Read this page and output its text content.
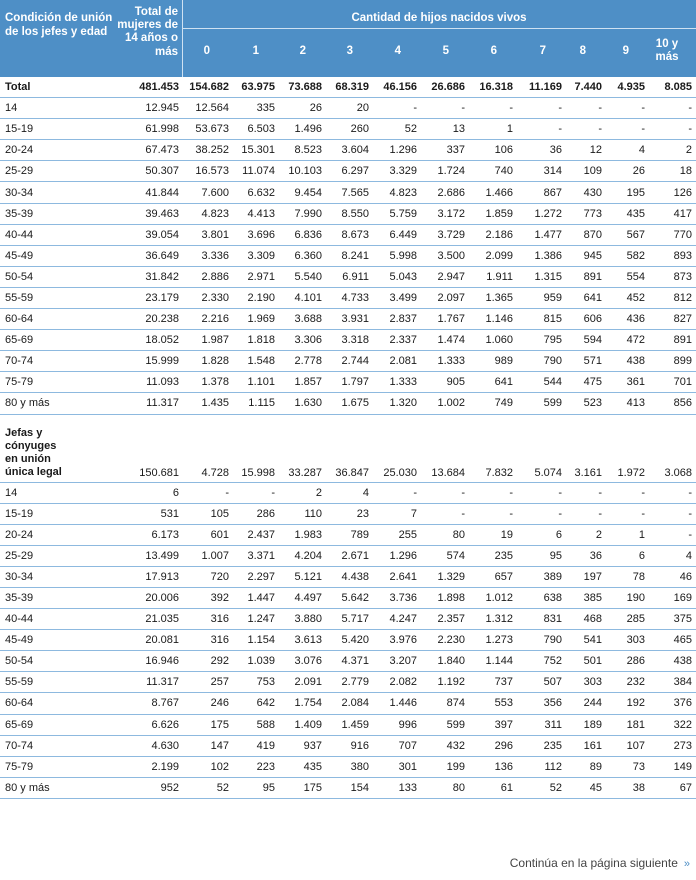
Condición de unión de los jefes y edad
Total de mujeres de 14 años o más
Cantidad de hijos nacidos vivos
0	1	2	3	4	5	6	7	8	9
10 y
más
Total	481.453	154.682	63.975	73.688	68.319	46.156	26.686	16.318	11.169	7.440	4.935	8.085
14	12.945	12.564	335	26	20	-	-	-	-	-	-	-
15-19	61.998	53.673	6.503	1.496	260	52	13	1	-	-	-	-
20-24	67.473	38.252	15.301	8.523	3.604	1.296	337	106	36	12	4	2
25-29	50.307	16.573	11.074	10.103	6.297	3.329	1.724	740	314	109	26	18
30-34	41.844	7.600	6.632	9.454	7.565	4.823	2.686	1.466	867	430	195	126
35-39	39.463	4.823	4.413	7.990	8.550	5.759	3.172	1.859	1.272	773	435	417
40-44	39.054	3.801	3.696	6.836	8.673	6.449	3.729	2.186	1.477	870	567	770
45-49	36.649	3.336	3.309	6.360	8.241	5.998	3.500	2.099	1.386	945	582	893
50-54	31.842	2.886	2.971	5.540	6.911	5.043	2.947	1.911	1.315	891	554	873
55-59	23.179	2.330	2.190	4.101	4.733	3.499	2.097	1.365	959	641	452	812
60-64	20.238	2.216	1.969	3.688	3.931	2.837	1.767	1.146	815	606	436	827
65-69	18.052	1.987	1.818	3.306	3.318	2.337	1.474	1.060	795	594	472	891
70-74	15.999	1.828	1.548	2.778	2.744	2.081	1.333	989	790	571	438	899
75-79	11.093	1.378	1.101	1.857	1.797	1.333	905	641	544	475	361	701
80 y más	11.317	1.435	1.115	1.630	1.675	1.320	1.002	749	599	523	413	856
Jefas y
cónyuges
en unión
única legal	150.681	4.728	15.998	33.287	36.847	25.030	13.684	7.832	5.074	3.161	1.972	3.068
14	6	-	-	2	4	-	-	-	-	-	-	-
15-19	531	105	286	110	23	7	-	-	-	-	-	-
20-24	6.173	601	2.437	1.983	789	255	80	19	6	2	1	-
25-29	13.499	1.007	3.371	4.204	2.671	1.296	574	235	95	36	6	4
30-34	17.913	720	2.297	5.121	4.438	2.641	1.329	657	389	197	78	46
35-39	20.006	392	1.447	4.497	5.642	3.736	1.898	1.012	638	385	190	169
40-44	21.035	316	1.247	3.880	5.717	4.247	2.357	1.312	831	468	285	375
45-49	20.081	316	1.154	3.613	5.420	3.976	2.230	1.273	790	541	303	465
50-54	16.946	292	1.039	3.076	4.371	3.207	1.840	1.144	752	501	286	438
55-59	11.317	257	753	2.091	2.779	2.082	1.192	737	507	303	232	384
60-64	8.767	246	642	1.754	2.084	1.446	874	553	356	244	192	376
65-69	6.626	175	588	1.409	1.459	996	599	397	311	189	181	322
70-74	4.630	147	419	937	916	707	432	296	235	161	107	273
75-79	2.199	102	223	435	380	301	199	136	112	89	73	149
80 y más	952	52	95	175	154	133	80	61	52	45	38	67
Continúa en la página siguiente »
